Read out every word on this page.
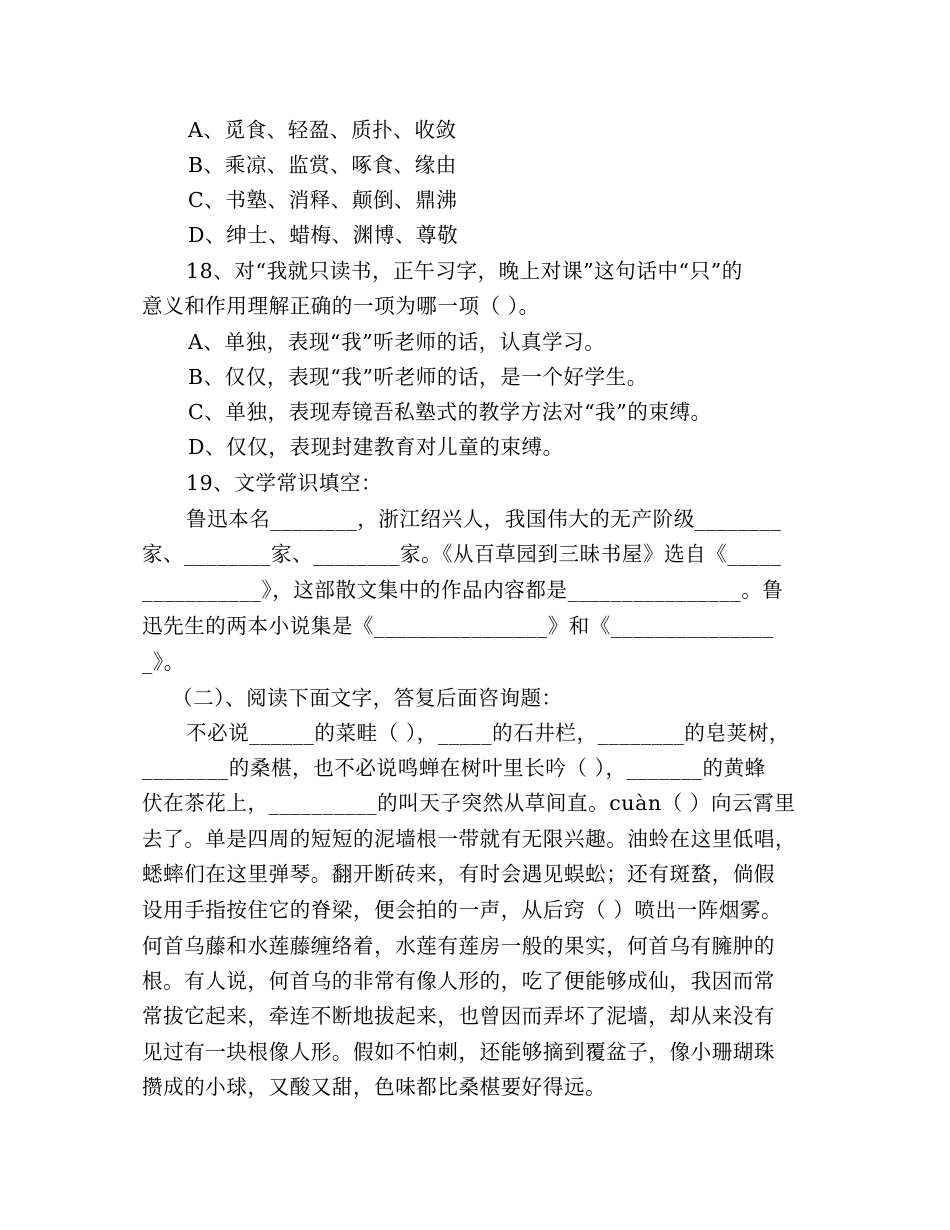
A、觅食、轻盈、质扑、收敛
B、乘凉、监赏、啄食、缘由
C、书塾、消释、颠倒、鼎沸
D、绅士、蜡梅、渊博、尊敬
18、对“我就只读书，正午习字，晚上对课”这句话中“只”的
意义和作用理解正确的一项为哪一项（ ）。
A、单独，表现“我”听老师的话，认真学习。
B、仅仅，表现“我”听老师的话，是一个好学生。
C、单独，表现寿镜吾私塾式的教学方法对“我”的束缚。
D、仅仅，表现封建教育对儿童的束缚。
19、文学常识填空：
鲁迅本名________，浙江绍兴人，我国伟大的无产阶级________
家、________家、________家。《从百草园到三昧书屋》选自《_____
___________》，这部散文集中的作品内容都是________________。鲁
迅先生的两本小说集是《________________》和《_______________
_》。
（二）、阅读下面文字，答复后面咨询题：
不必说______的菜畦（ ），_____的石井栏，________的皂荚树，
________的桑椹，也不必说鸣蝉在树叶里长吟（ ），_______的黄蜂
伏在茶花上，__________的叫天子突然从草间直。cuàn（ ）向云霄里
去了。单是四周的短短的泥墙根一带就有无限兴趣。油蛉在这里低唱，
蟋蟀们在这里弹琴。翻开断砖来，有时会遇见蜈蚣；还有斑蝥，倘假
设用手指按住它的脊梁，便会拍的一声，从后窍（ ）喷出一阵烟雾。
何首乌藤和水莲藤缠络着，水莲有莲房一般的果实，何首乌有臃肿的
根。有人说，何首乌的非常有像人形的，吃了便能够成仙，我因而常
常拔它起来，牵连不断地拔起来，也曾因而弄坏了泥墙，却从来没有
见过有一块根像人形。假如不怕刺，还能够摘到覆盆子，像小珊瑚珠
攒成的小球，又酸又甜，色味都比桑椹要好得远。
